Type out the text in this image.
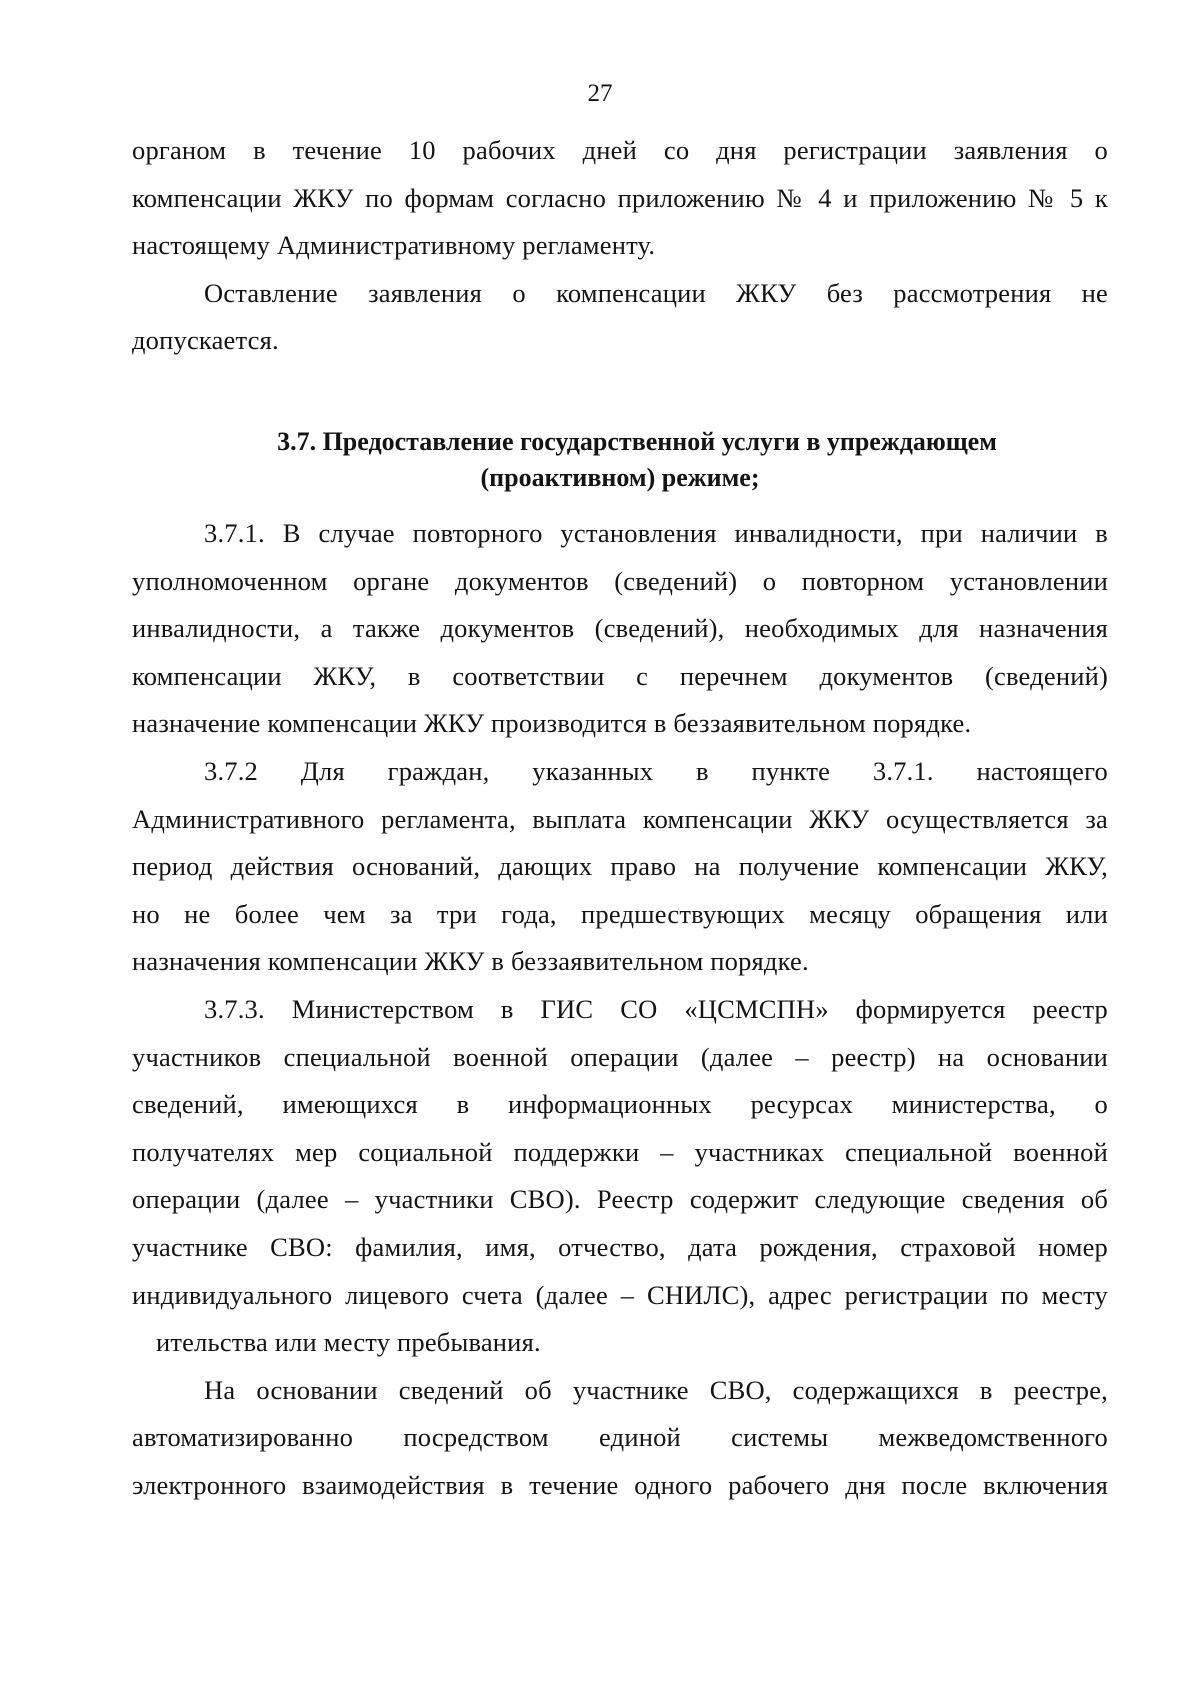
27
органом в течение 10 рабочих дней со дня регистрации заявления о
компенсации ЖКУ по формам согласно приложению № 4 и приложению № 5 к
настоящему Административному регламенту.
Оставление заявления о компенсации ЖКУ без рассмотрения не
допускается.
3.7. Предоставление государственной услуги в упреждающем
(проактивном) режиме;
3.7.1. В случае повторного установления инвалидности, при наличии в
уполномоченном органе документов (сведений) о повторном установлении
инвалидности, а также документов (сведений), необходимых для назначения
компенсации ЖКУ, в соответствии с перечнем документов (сведений)
назначение компенсации ЖКУ производится в беззаявительном порядке.
3.7.2 Для граждан, указанных в пункте 3.7.1. настоящего
Административного регламента, выплата компенсации ЖКУ осуществляется за
период действия оснований, дающих право на получение компенсации ЖКУ,
но не более чем за три года, предшествующих месяцу обращения или
назначения компенсации ЖКУ в беззаявительном порядке.
3.7.3. Министерством в ГИС СО «ЦСМСПН» формируется реестр
участников специальной военной операции (далее – реестр) на основании
сведений, имеющихся в информационных ресурсах министерства, о
получателях мер социальной поддержки – участниках специальной военной
операции (далее – участники СВО). Реестр содержит следующие сведения об
участнике СВО: фамилия, имя, отчество, дата рождения, страховой номер
индивидуального лицевого счета (далее – СНИЛС), адрес регистрации по месту
ительства или месту пребывания.
На основании сведений об участнике СВО, содержащихся в реестре,
автоматизированно посредством единой системы межведомственного
электронного взаимодействия в течение одного рабочего дня после включения
